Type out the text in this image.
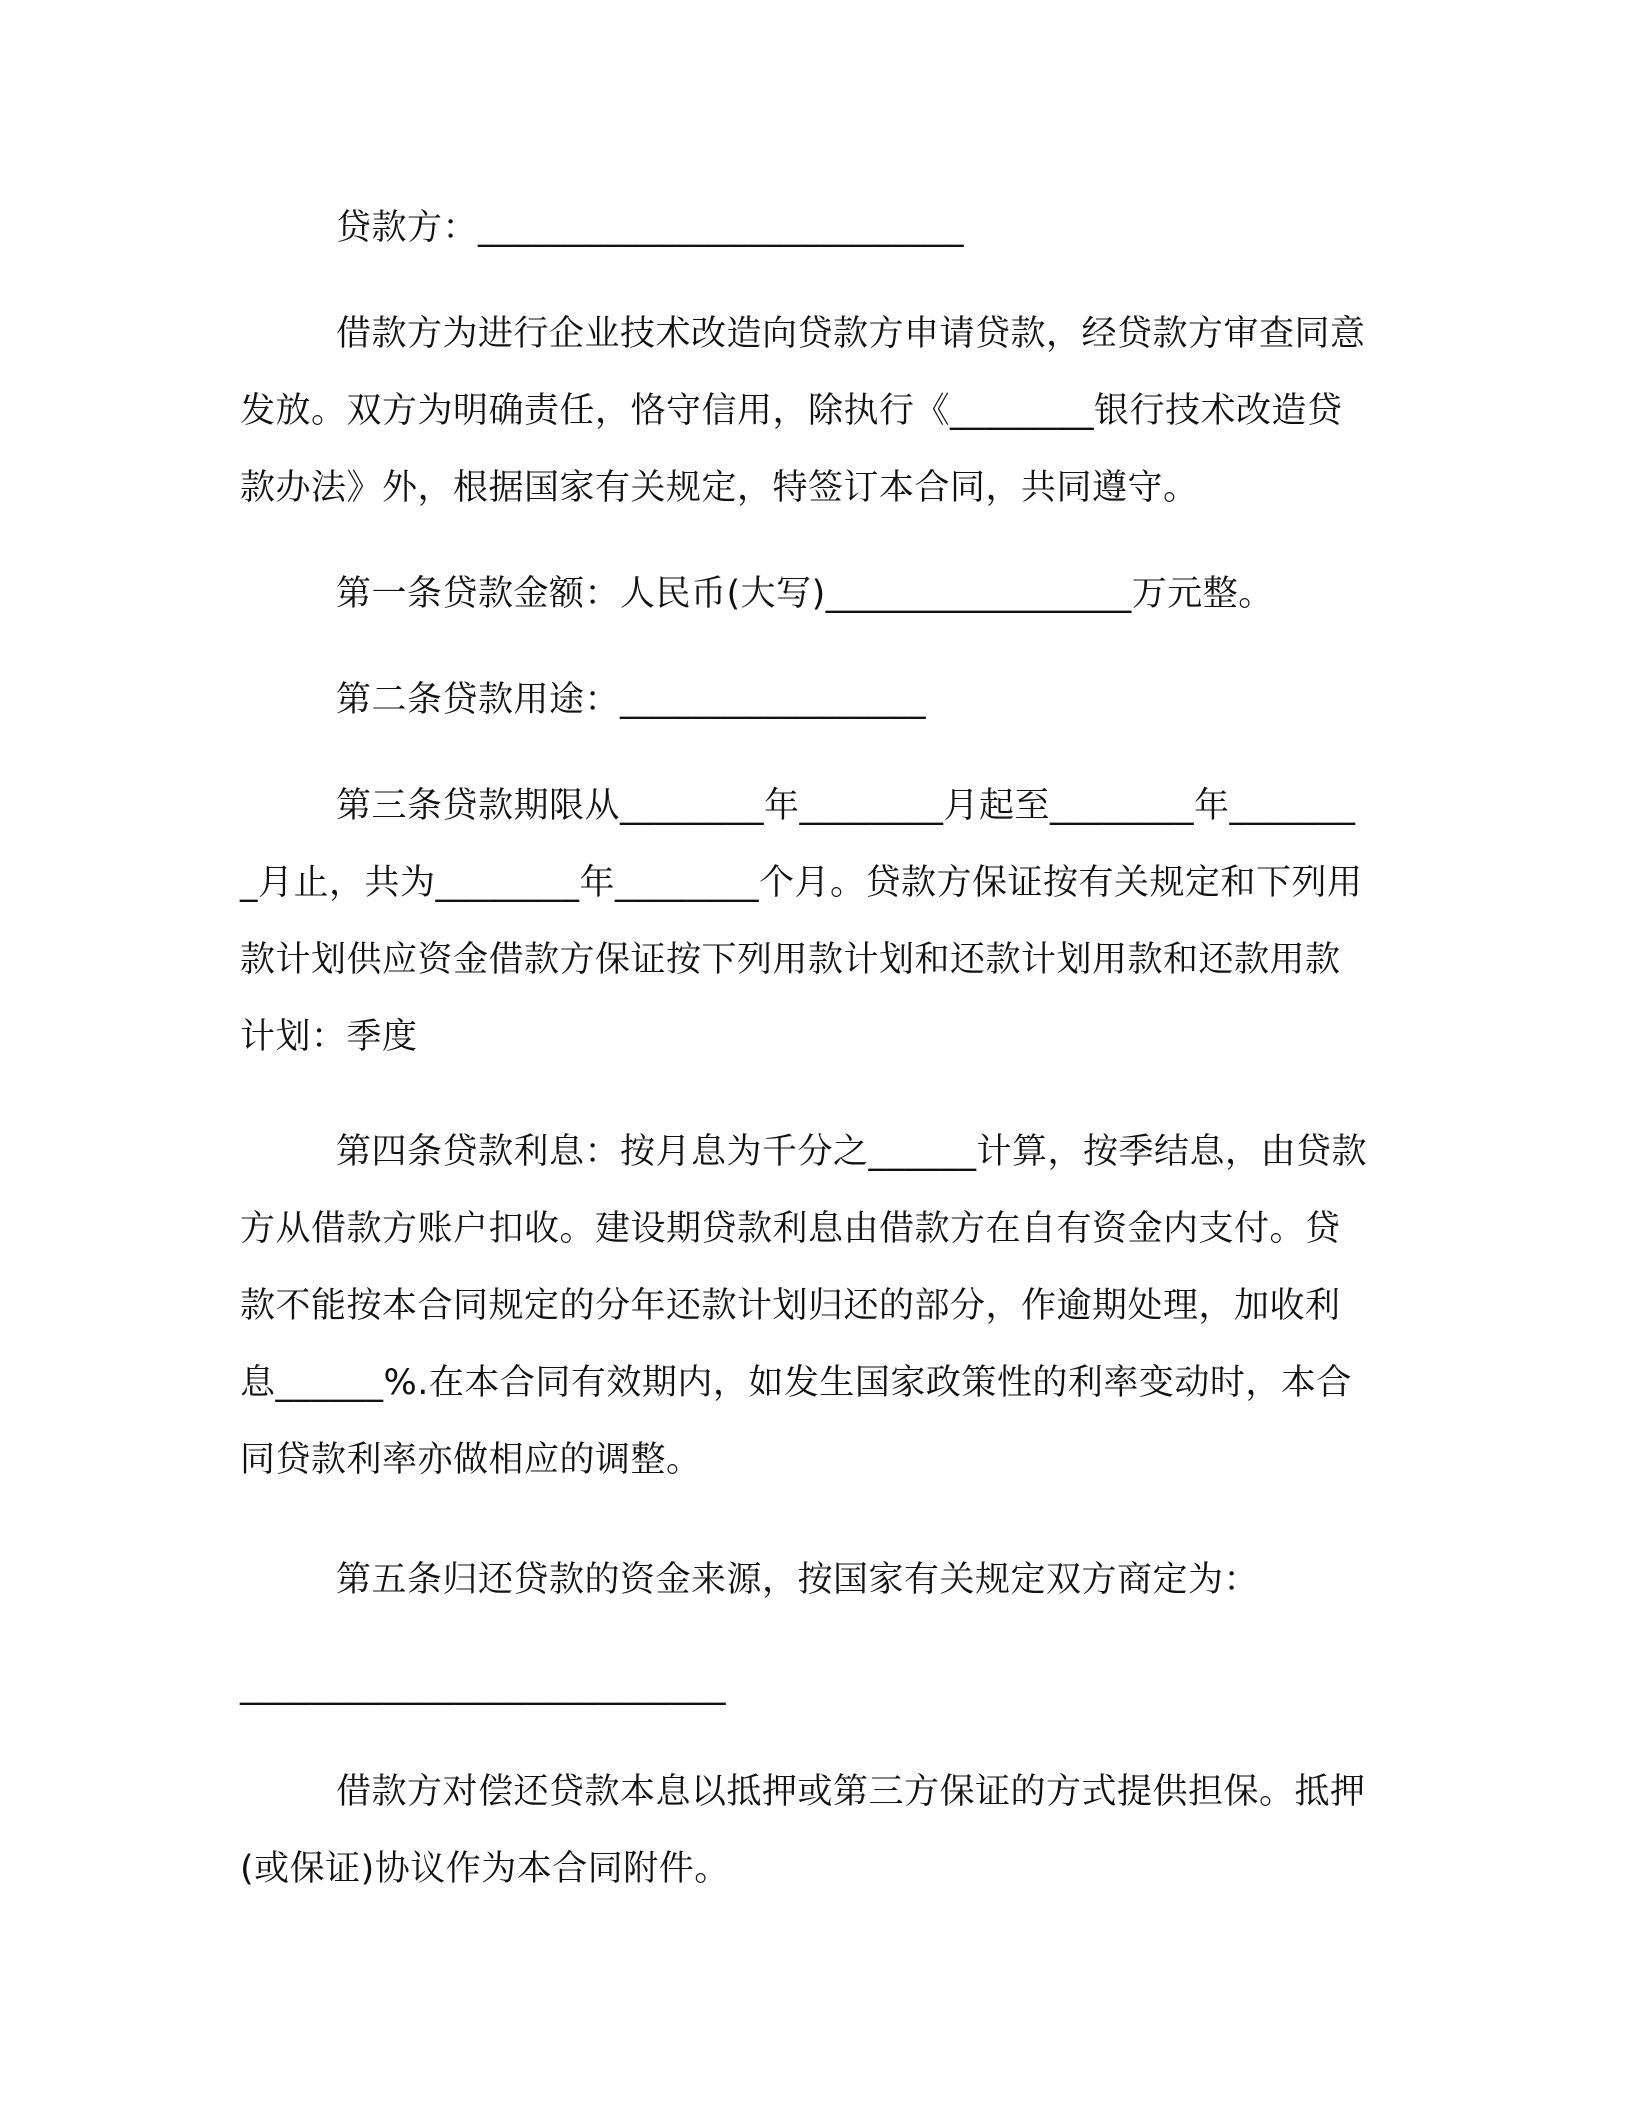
贷款方：___________________________

借款方为进行企业技术改造向贷款方申请贷款，经贷款方审查同意发放。双方为明确责任，恪守信用，除执行《________银行技术改造贷款办法》外，根据国家有关规定，特签订本合同，共同遵守。

第一条贷款金额：人民币(大写)_________________万元整。

第二条贷款用途：_________________

第三条贷款期限从________年________月起至________年________月止，共为________年________个月。贷款方保证按有关规定和下列用款计划供应资金借款方保证按下列用款计划和还款计划用款和还款用款计划：季度

第四条贷款利息：按月息为千分之______计算，按季结息，由贷款方从借款方账户扣收。建设期贷款利息由借款方在自有资金内支付。贷款不能按本合同规定的分年还款计划归还的部分，作逾期处理，加收利息______%.在本合同有效期内，如发生国家政策性的利率变动时，本合同贷款利率亦做相应的调整。

第五条归还贷款的资金来源，按国家有关规定双方商定为：

___________________________

借款方对偿还贷款本息以抵押或第三方保证的方式提供担保。抵押(或保证)协议作为本合同附件。
